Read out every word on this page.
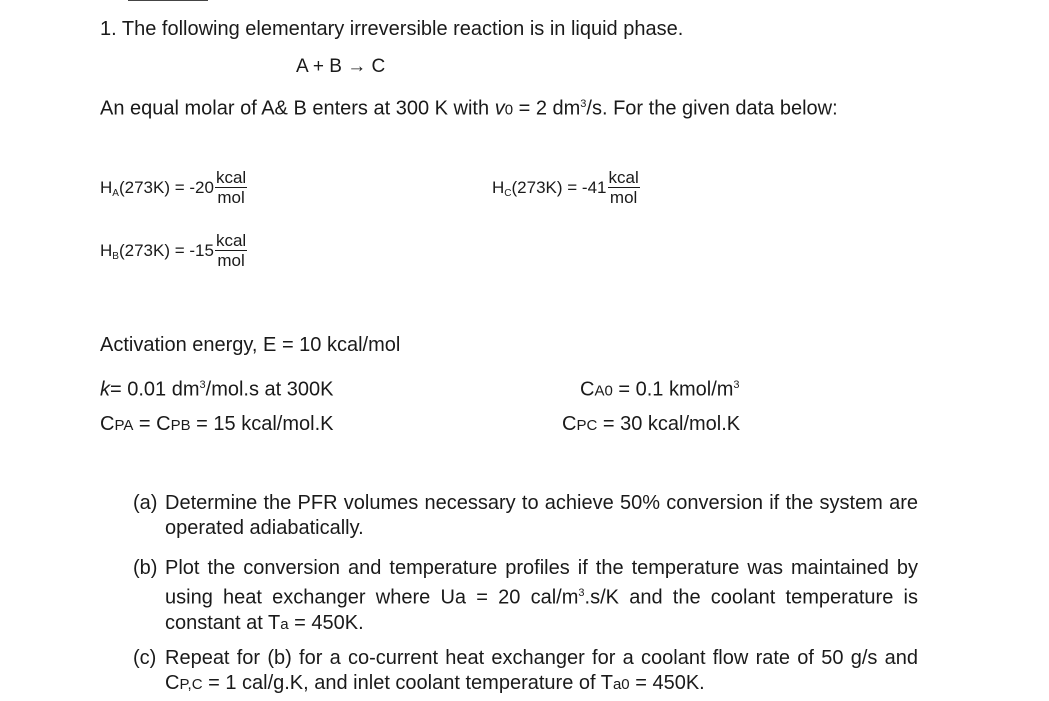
1. The following elementary irreversible reaction is in liquid phase.
A + B → C
An equal molar of A& B enters at 300 K with v0 = 2 $dm^3/s$. For the given data below:
$H_A$ $(273K) = -20 \frac{\text{kcal}}{\text{mol}}$	$H_C$ $(273K) = -41 \frac{\text{kcal}}{\text{mol}}$
$H_B$ $(273K) = -15 \frac{\text{kcal}}{\text{mol}}$
Activation energy, E = 10 kcal/mol
k= 0.01 $dm^3/mol.s$ at 300K	CA0 = 0.1 kmol/$m^3$
CPA = CPB = 15 kcal/mol.K	CPC = 30 kcal/mol.K
(a) Determine the PFR volumes necessary to achieve 50% conversion if the system are operated adiabatically.
(b) Plot the conversion and temperature profiles if the temperature was maintained by using heat exchanger where Ua = 20 cal/$m^3.s/K$ and the coolant temperature is constant at Ta = 450K.
(c) Repeat for (b) for a co-current heat exchanger for a coolant flow rate of 50 g/s and CP,C = 1 cal/g.K, and inlet coolant temperature of Ta0 = 450K.
